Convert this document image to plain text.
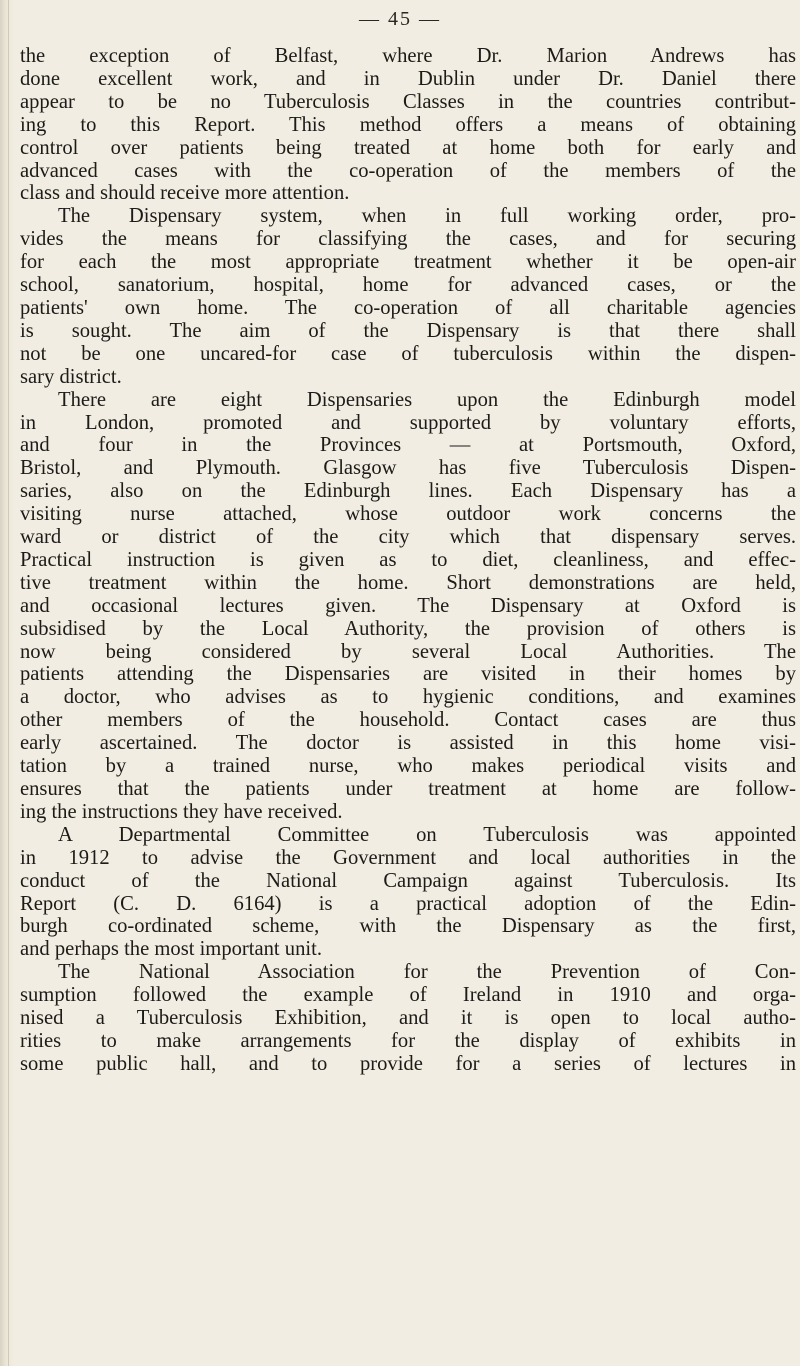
— 45 —

the exception of Belfast, where Dr. Marion Andrews has
done excellent work, and in Dublin under Dr. Daniel there
appear to be no Tuberculosis Classes in the countries contribut-
ing to this Report. This method offers a means of obtaining
control over patients being treated at home both for early and
advanced cases with the co-operation of the members of the
class and should receive more attention.

The Dispensary system, when in full working order, pro-
vides the means for classifying the cases, and for securing
for each the most appropriate treatment whether it be open-air
school, sanatorium, hospital, home for advanced cases, or the
patients' own home. The co-operation of all charitable agencies
is sought. The aim of the Dispensary is that there shall
not be one uncared-for case of tuberculosis within the dispen-
sary district.

There are eight Dispensaries upon the Edinburgh model
in London, promoted and supported by voluntary efforts,
and four in the Provinces — at Portsmouth, Oxford,
Bristol, and Plymouth. Glasgow has five Tuberculosis Dispen-
saries, also on the Edinburgh lines. Each Dispensary has a
visiting nurse attached, whose outdoor work concerns the
ward or district of the city which that dispensary serves.
Practical instruction is given as to diet, cleanliness, and effec-
tive treatment within the home. Short demonstrations are held,
and occasional lectures given. The Dispensary at Oxford is
subsidised by the Local Authority, the provision of others is
now being considered by several Local Authorities. The
patients attending the Dispensaries are visited in their homes by
a doctor, who advises as to hygienic conditions, and examines
other members of the household. Contact cases are thus
early ascertained. The doctor is assisted in this home visi-
tation by a trained nurse, who makes periodical visits and
ensures that the patients under treatment at home are follow-
ing the instructions they have received.

A Departmental Committee on Tuberculosis was appointed
in 1912 to advise the Government and local authorities in the
conduct of the National Campaign against Tuberculosis. Its
Report (C. D. 6164) is a practical adoption of the Edin-
burgh co-ordinated scheme, with the Dispensary as the first,
and perhaps the most important unit.

The National Association for the Prevention of Con-
sumption followed the example of Ireland in 1910 and orga-
nised a Tuberculosis Exhibition, and it is open to local autho-
rities to make arrangements for the display of exhibits in
some public hall, and to provide for a series of lectures in
